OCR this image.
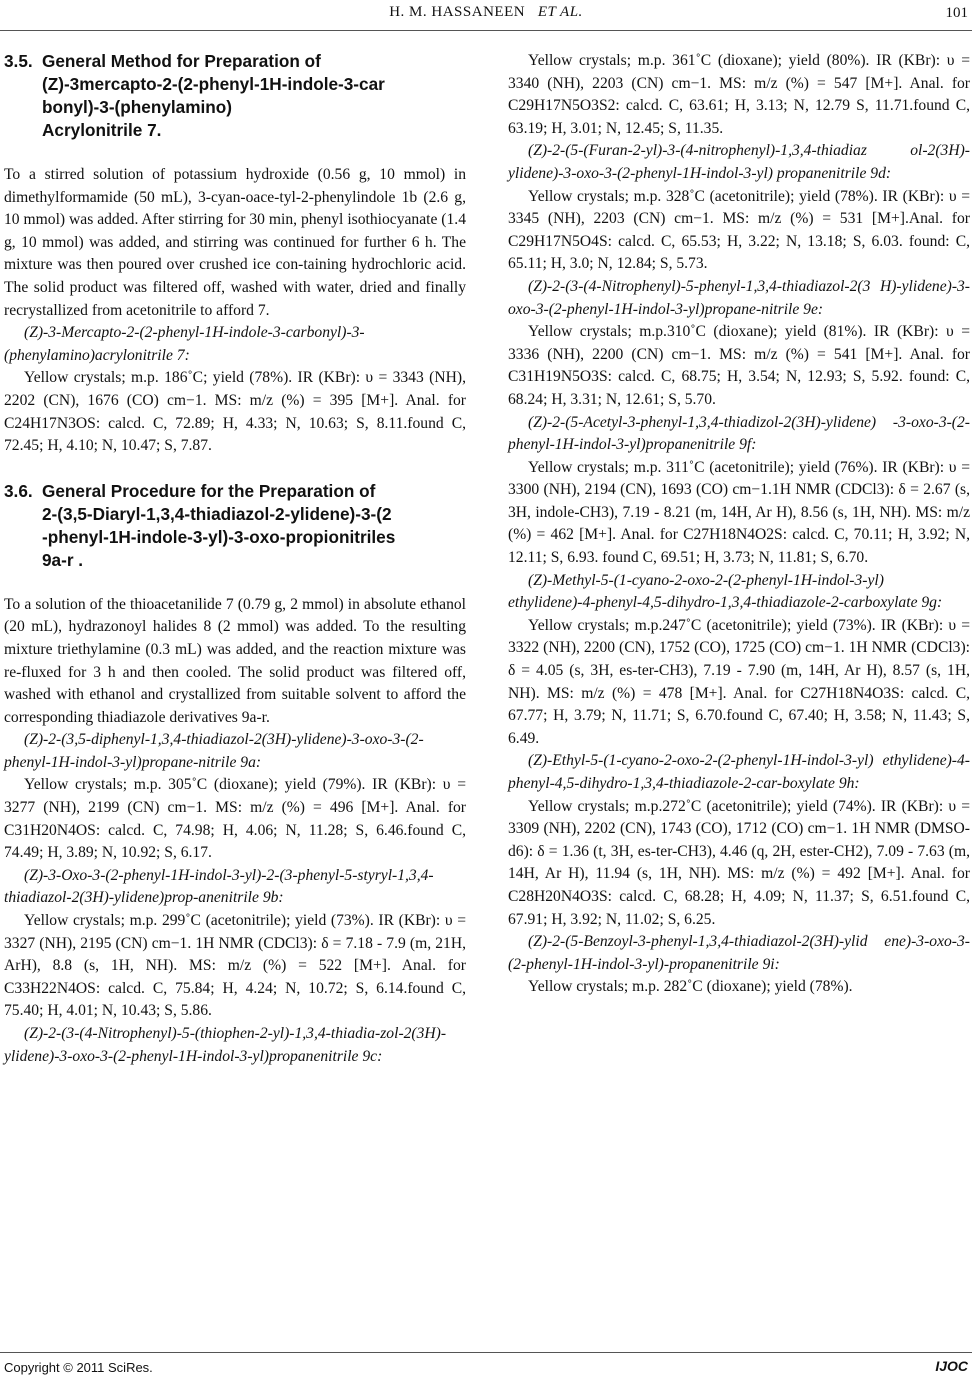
H. M. HASSANEEN ET AL.	101
3.5. General Method for Preparation of
(Z)-3mercapto-2-(2-phenyl-1H-indole-3-car
bonyl)-3-(phenylamino)
Acrylonitrile 7.

To a stirred solution of potassium hydroxide (0.56 g, 10 mmol) in dimethylformamide (50 mL), 3-cyan-oace-tyl-2-phenylindole 1b (2.6 g, 10 mmol) was added. After stirring for 30 min, phenyl isothiocyanate (1.4 g, 10 mmol) was added, and stirring was continued for further 6 h. The mixture was then poured over crushed ice con-taining hydrochloric acid. The solid product was filtered off, washed with water, dried and finally recrystallized from acetonitrile to afford 7.

(Z)-3-Mercapto-2-(2-phenyl-1H-indole-3-carbonyl)-3-(phenylamino)acrylonitrile 7:

Yellow crystals; m.p. 186˚C; yield (78%). IR (KBr): υ = 3343 (NH), 2202 (CN), 1676 (CO) cm−1. MS: m/z (%) = 395 [M+]. Anal. for C24H17N3OS: calcd. C, 72.89; H, 4.33; N, 10.63; S, 8.11.found C, 72.45; H, 4.10; N, 10.47; S, 7.87.

3.6. General Procedure for the Preparation of
2-(3,5-Diaryl-1,3,4-thiadiazol-2-ylidene)-3-(2
-phenyl-1H-indole-3-yl)-3-oxo-propionitriles
9a-r .

To a solution of the thioacetanilide 7 (0.79 g, 2 mmol) in absolute ethanol (20 mL), hydrazonoyl halides 8 (2 mmol) was added. To the resulting mixture triethylamine (0.3 mL) was added, and the reaction mixture was re-fluxed for 3 h and then cooled. The solid product was filtered off, washed with ethanol and crystallized from suitable solvent to afford the corresponding thiadiazole derivatives 9a-r.

(Z)-2-(3,5-diphenyl-1,3,4-thiadiazol-2(3H)-ylidene)-3-oxo-3-(2-phenyl-1H-indol-3-yl)propane-nitrile 9a:

Yellow crystals; m.p. 305˚C (dioxane); yield (79%). IR (KBr): υ = 3277 (NH), 2199 (CN) cm−1. MS: m/z (%) = 496 [M+]. Anal. for C31H20N4OS: calcd. C, 74.98; H, 4.06; N, 11.28; S, 6.46.found C, 74.49; H, 3.89; N, 10.92; S, 6.17.

(Z)-3-Oxo-3-(2-phenyl-1H-indol-3-yl)-2-(3-phenyl-5-styryl-1,3,4-thiadiazol-2(3H)-ylidene)prop-anenitrile 9b:

Yellow crystals; m.p. 299˚C (acetonitrile); yield (73%). IR (KBr): υ = 3327 (NH), 2195 (CN) cm−1. 1H NMR (CDCl3): δ = 7.18 - 7.9 (m, 21H, ArH), 8.8 (s, 1H, NH). MS: m/z (%) = 522 [M+]. Anal. for C33H22N4OS: calcd. C, 75.84; H, 4.24; N, 10.72; S, 6.14.found C, 75.40; H, 4.01; N, 10.43; S, 5.86.

(Z)-2-(3-(4-Nitrophenyl)-5-(thiophen-2-yl)-1,3,4-thiadia-zol-2(3H)-ylidene)-3-oxo-3-(2-phenyl-1H-indol-3-yl)propanenitrile 9c:

Yellow crystals; m.p. 361˚C (dioxane); yield (80%). IR (KBr): υ = 3340 (NH), 2203 (CN) cm−1. MS: m/z (%) = 547 [M+]. Anal. for C29H17N5O3S2: calcd. C, 63.61; H, 3.13; N, 12.79 S, 11.71.found C, 63.19; H, 3.01; N, 12.45; S, 11.35.

(Z)-2-(5-(Furan-2-yl)-3-(4-nitrophenyl)-1,3,4-thiadiaz ol-2(3H)-ylidene)-3-oxo-3-(2-phenyl-1H-indol-3-yl) propanenitrile 9d:

Yellow crystals; m.p. 328˚C (acetonitrile); yield (78%). IR (KBr): υ = 3345 (NH), 2203 (CN) cm−1. MS: m/z (%) = 531 [M+].Anal. for C29H17N5O4S: calcd. C, 65.53; H, 3.22; N, 13.18; S, 6.03. found: C, 65.11; H, 3.0; N, 12.84; S, 5.73.

(Z)-2-(3-(4-Nitrophenyl)-5-phenyl-1,3,4-thiadiazol-2(3 H)-ylidene)-3-oxo-3-(2-phenyl-1H-indol-3-yl)propane-nitrile 9e:

Yellow crystals; m.p.310˚C (dioxane); yield (81%). IR (KBr): υ = 3336 (NH), 2200 (CN) cm−1. MS: m/z (%) = 541 [M+]. Anal. for C31H19N5O3S: calcd. C, 68.75; H, 3.54; N, 12.93; S, 5.92. found: C, 68.24; H, 3.31; N, 12.61; S, 5.70.

(Z)-2-(5-Acetyl-3-phenyl-1,3,4-thiadizol-2(3H)-ylidene) -3-oxo-3-(2-phenyl-1H-indol-3-yl)propanenitrile 9f:

Yellow crystals; m.p. 311˚C (acetonitrile); yield (76%). IR (KBr): υ = 3300 (NH), 2194 (CN), 1693 (CO) cm−1.1H NMR (CDCl3): δ = 2.67 (s, 3H, indole-CH3), 7.19 - 8.21 (m, 14H, Ar H), 8.56 (s, 1H, NH). MS: m/z (%) = 462 [M+]. Anal. for C27H18N4O2S: calcd. C, 70.11; H, 3.92; N, 12.11; S, 6.93. found C, 69.51; H, 3.73; N, 11.81; S, 6.70.

(Z)-Methyl-5-(1-cyano-2-oxo-2-(2-phenyl-1H-indol-3-yl) ethylidene)-4-phenyl-4,5-dihydro-1,3,4-thiadiazole-2-carboxylate 9g:

Yellow crystals; m.p.247˚C (acetonitrile); yield (73%). IR (KBr): υ = 3322 (NH), 2200 (CN), 1752 (CO), 1725 (CO) cm−1. 1H NMR (CDCl3): δ = 4.05 (s, 3H, es-ter-CH3), 7.19 - 7.90 (m, 14H, Ar H), 8.57 (s, 1H, NH). MS: m/z (%) = 478 [M+]. Anal. for C27H18N4O3S: calcd. C, 67.77; H, 3.79; N, 11.71; S, 6.70.found C, 67.40; H, 3.58; N, 11.43; S, 6.49.

(Z)-Ethyl-5-(1-cyano-2-oxo-2-(2-phenyl-1H-indol-3-yl) ethylidene)-4-phenyl-4,5-dihydro-1,3,4-thiadiazole-2-car-boxylate 9h:

Yellow crystals; m.p.272˚C (acetonitrile); yield (74%). IR (KBr): υ = 3309 (NH), 2202 (CN), 1743 (CO), 1712 (CO) cm−1. 1H NMR (DMSO-d6): δ = 1.36 (t, 3H, es-ter-CH3), 4.46 (q, 2H, ester-CH2), 7.09 - 7.63 (m, 14H, Ar H), 11.94 (s, 1H, NH). MS: m/z (%) = 492 [M+]. Anal. for C28H20N4O3S: calcd. C, 68.28; H, 4.09; N, 11.37; S, 6.51.found C, 67.91; H, 3.92; N, 11.02; S, 6.25.

(Z)-2-(5-Benzoyl-3-phenyl-1,3,4-thiadiazol-2(3H)-ylid ene)-3-oxo-3-(2-phenyl-1H-indol-3-yl)-propanenitrile 9i:

Yellow crystals; m.p. 282˚C (dioxane); yield (78%).

Copyright © 2011 SciRes.	IJOC
